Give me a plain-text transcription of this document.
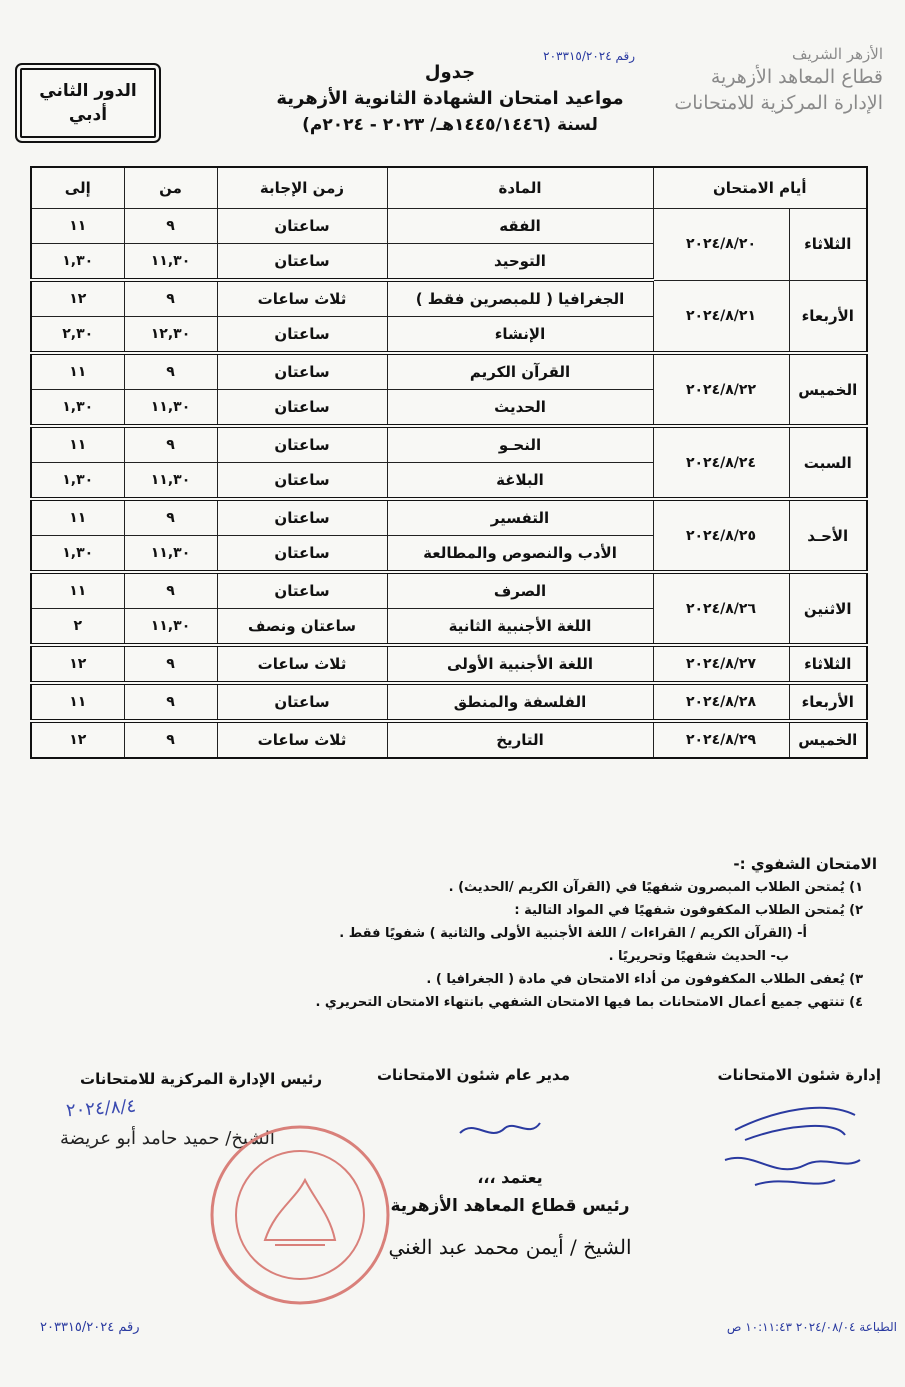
الأزهر الشريف
قطاع المعاهد الأزهرية
الإدارة المركزية للامتحانات
رقم ٢٠٣٣١٥/٢٠٢٤
جدول
مواعيد امتحان الشهادة الثانوية الأزهرية
لسنة (١٤٤٥/١٤٤٦هـ/ ٢٠٢٣ - ٢٠٢٤م)
الدور الثاني
أدبي
أيام الامتحان		المادة	زمن الإجابة	من	إلى
الثلاثاء	٢٠٢٤/٨/٢٠	الفقه	ساعتان	٩	١١
		التوحيد	ساعتان	١١,٣٠	١,٣٠
الأربعاء	٢٠٢٤/٨/٢١	الجغرافيا ( للمبصرين فقط )	ثلاث ساعات	٩	١٢
		الإنشاء	ساعتان	١٢,٣٠	٢,٣٠
الخميس	٢٠٢٤/٨/٢٢	القرآن الكريم	ساعتان	٩	١١
		الحديث	ساعتان	١١,٣٠	١,٣٠
السبت	٢٠٢٤/٨/٢٤	النحـو	ساعتان	٩	١١
		البلاغة	ساعتان	١١,٣٠	١,٣٠
الأحـد	٢٠٢٤/٨/٢٥	التفسير	ساعتان	٩	١١
		الأدب والنصوص والمطالعة	ساعتان	١١,٣٠	١,٣٠
الاثنين	٢٠٢٤/٨/٢٦	الصرف	ساعتان	٩	١١
		اللغة الأجنبية الثانية	ساعتان ونصف	١١,٣٠	٢
الثلاثاء	٢٠٢٤/٨/٢٧	اللغة الأجنبية الأولى	ثلاث ساعات	٩	١٢
الأربعاء	٢٠٢٤/٨/٢٨	الفلسفة والمنطق	ساعتان	٩	١١
الخميس	٢٠٢٤/٨/٢٩	التاريخ	ثلاث ساعات	٩	١٢
الامتحان الشفوي :-
١) يُمتحن الطلاب المبصرون شفهيًا في (القرآن الكريم /الحديث) .
٢) يُمتحن الطلاب المكفوفون شفهيًا في المواد التالية :
أ- (القرآن الكريم / القراءات / اللغة الأجنبية الأولى والثانية ) شفويًا فقط .
ب- الحديث شفهيًا وتحريريًا .
٣) يُعفى الطلاب المكفوفون من أداء الامتحان في مادة ( الجغرافيا ) .
٤) تنتهي جميع أعمال الامتحانات بما فيها الامتحان الشفهي بانتهاء الامتحان التحريري .
إدارة شئون الامتحانات
مدير عام شئون الامتحانات
رئيس الإدارة المركزية للامتحانات
٢٠٢٤/٨/٤
الشيخ/ حميد حامد أبو عريضة
يعتمد ،،،
رئيس قطاع المعاهد الأزهرية
الشيخ / أيمن محمد عبد الغني
رقم ٢٠٣٣١٥/٢٠٢٤	الطباعة ٢٠٢٤/٠٨/٠٤ ١٠:١١:٤٣ ص
